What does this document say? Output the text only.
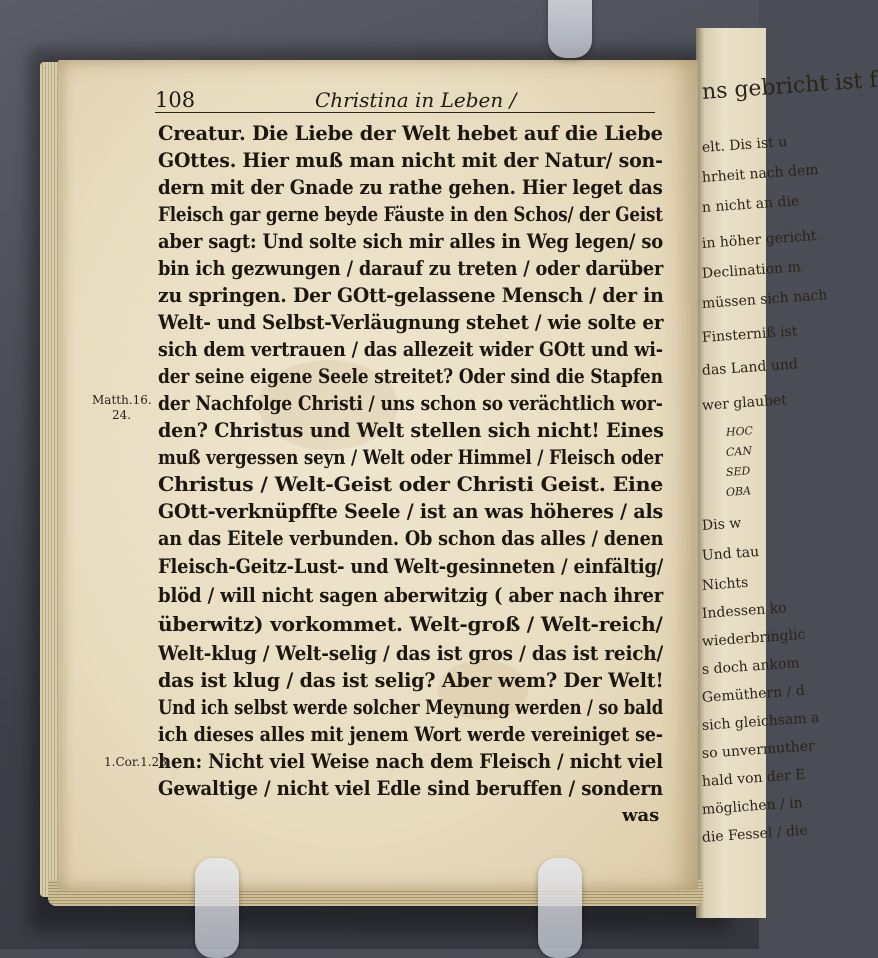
ns gebricht ist f
elt. Dis ist u
hrheit nach dem
n nicht an die
in höher gericht
Declination m
müssen sich nach
Finsterniß ist
das Land und
wer glaubet
HOC
CAN
SED
OBA
Dis w
Und tau
Nichts
Indessen ko
wiederbringlic
s doch ankom
Gemüthern / d
sich gleichsam a
so unvermuther
hald von der E
möglichen / in
die Fessel / die
108	Christina in Leben /
Creatur. Die Liebe der Welt hebet auf die Liebe
GOttes. Hier muß man nicht mit der Natur/ son-
dern mit der Gnade zu rathe gehen. Hier leget das
Fleisch gar gerne beyde Fäuste in den Schos/ der Geist
aber sagt: Und solte sich mir alles in Weg legen/ so
bin ich gezwungen / darauf zu treten / oder darüber
zu springen. Der GOtt-gelassene Mensch / der in
Welt- und Selbst-Verläugnung stehet / wie solte er
sich dem vertrauen / das allezeit wider GOtt und wi-
der seine eigene Seele streitet? Oder sind die Stapfen
der Nachfolge Christi / uns schon so verächtlich wor-
den? Christus und Welt stellen sich nicht! Eines
muß vergessen seyn / Welt oder Himmel / Fleisch oder
Christus / Welt-Geist oder Christi Geist. Eine
GOtt-verknüpffte Seele / ist an was höheres / als
an das Eitele verbunden. Ob schon das alles / denen
Fleisch-Geitz-Lust- und Welt-gesinneten / einfältig/
blöd / will nicht sagen aberwitzig ( aber nach ihrer
überwitz) vorkommet. Welt-groß / Welt-reich/
Welt-klug / Welt-selig / das ist gros / das ist reich/
das ist klug / das ist selig? Aber wem? Der Welt!
Und ich selbst werde solcher Meynung werden / so bald
ich dieses alles mit jenem Wort werde vereiniget se-
hen: Nicht viel Weise nach dem Fleisch / nicht viel
Gewaltige / nicht viel Edle sind beruffen / sondern
Matth.16.
24.
1.Cor.1.26.
was
